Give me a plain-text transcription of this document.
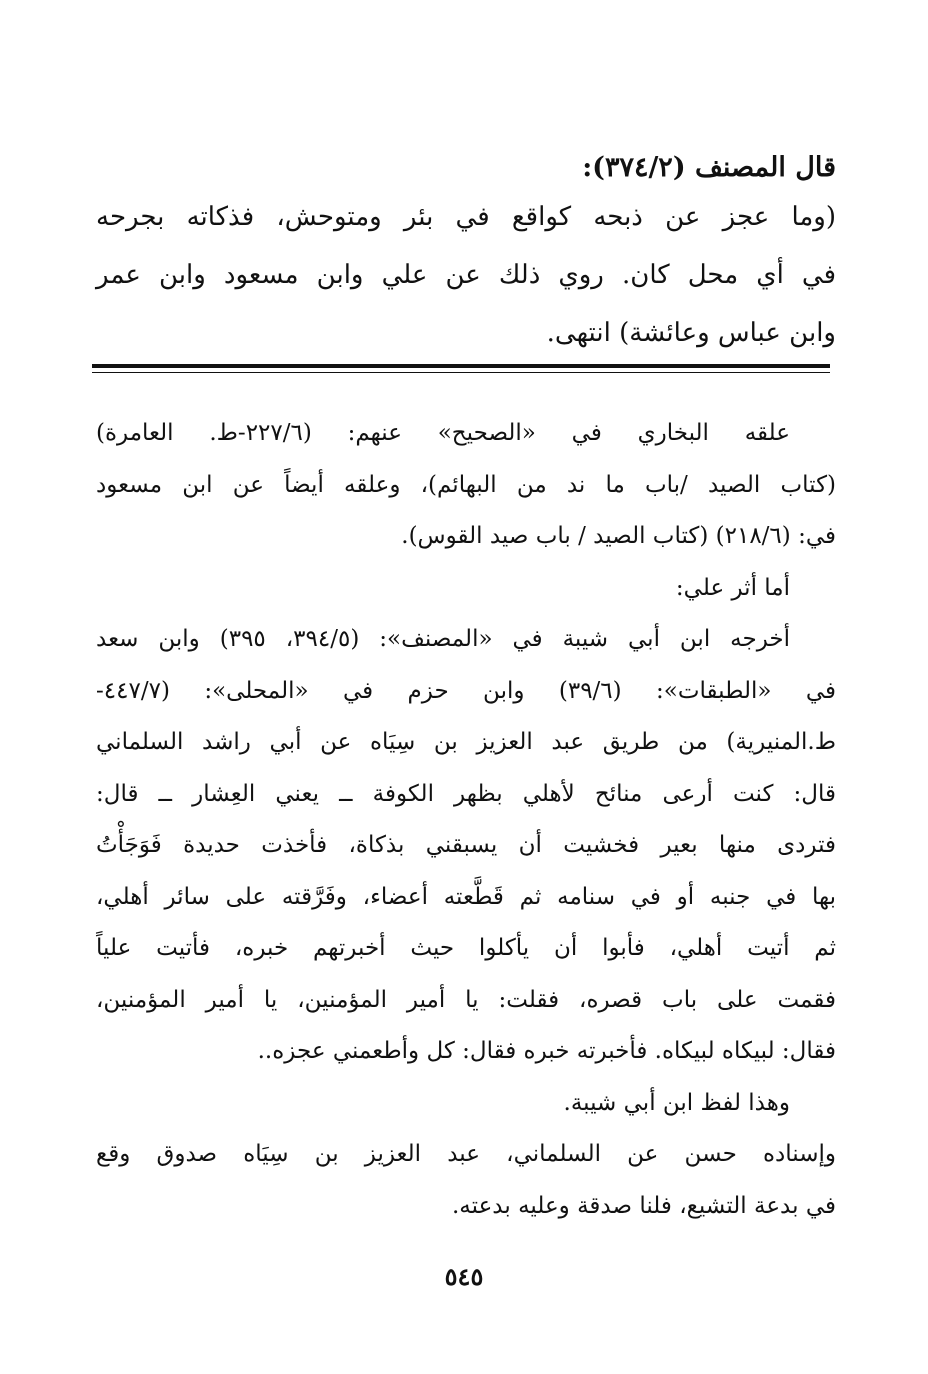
قال المصنف (٣٧٤/٢):
(وما عجز عن ذبحه كواقع في بئر ومتوحش، فذكاته بجرحه
في أي محل كان. روي ذلك عن علي وابن مسعود وابن عمر
وابن عباس وعائشة) انتهى.
علقه البخاري في «الصحيح» عنهم: (٢٢٧/٦-ط. العامرة)
(كتاب الصيد /باب ما ند من البهائم)، وعلقه أيضاً عن ابن مسعود
في: (٢١٨/٦) (كتاب الصيد / باب صيد القوس).
أما أثر علي:
أخرجه ابن أبي شيبة في «المصنف»: (٣٩٤/٥، ٣٩٥) وابن سعد
في «الطبقات»: (٣٩/٦) وابن حزم في «المحلى»: (٤٤٧/٧-
ط.المنيرية) من طريق عبد العزيز بن سِيَاه عن أبي راشد السلماني
قال: كنت أرعى منائح لأهلي بظهر الكوفة ــ يعني العِشار ــ قال:
فتردى منها بعير فخشيت أن يسبقني بذكاة، فأخذت حديدة فَوَجَأْتُ
بها في جنبه أو في سنامه ثم قَطَّعته أعضاء، وفَرَّقته على سائر أهلي،
ثم أتيت أهلي، فأبوا أن يأكلوا حيث أخبرتهم خبره، فأتيت علياً
فقمت على باب قصره، فقلت: يا أمير المؤمنين، يا أمير المؤمنين،
فقال: لبيكاه لبيكاه. فأخبرته خبره فقال: كل وأطعمني عجزه..
وهذا لفظ ابن أبي شيبة.
وإسناده حسن عن السلماني، عبد العزيز بن سِيَاه صدوق وقع
في بدعة التشيع، فلنا صدقة وعليه بدعته.
٥٤٥
